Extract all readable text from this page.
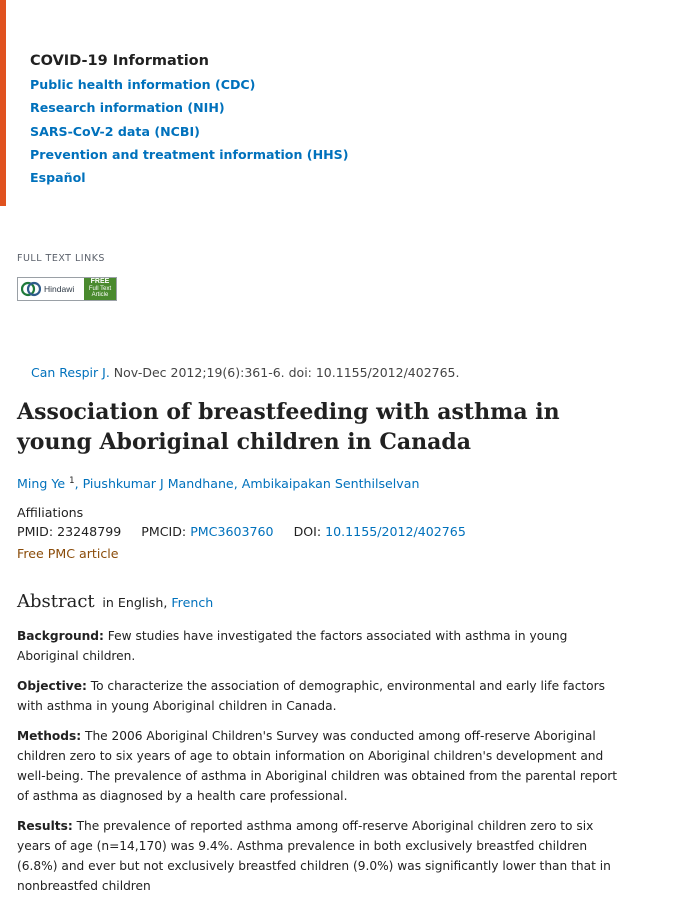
COVID-19 Information
Public health information (CDC)
Research information (NIH)
SARS-CoV-2 data (NCBI)
Prevention and treatment information (HHS)
Español
FULL TEXT LINKS
Hindawi
FREE
Full Text
Article
Can Respir J. Nov-Dec 2012;19(6):361-6. doi: 10.1155/2012/402765.
Association of breastfeeding with asthma in young Aboriginal children in Canada
Ming Ye $^1$, Piushkumar J Mandhane, Ambikaipakan Senthilselvan
Affiliations
PMID: 23248799 PMCID: PMC3603760 DOI: 10.1155/2012/402765
Free PMC article
Abstract in English, French

Background: Few studies have investigated the factors associated with asthma in young Aboriginal children.

Objective: To characterize the association of demographic, environmental and early life factors with asthma in young Aboriginal children in Canada.

Methods: The 2006 Aboriginal Children's Survey was conducted among off-reserve Aboriginal children zero to six years of age to obtain information on Aboriginal children's development and well-being. The prevalence of asthma in Aboriginal children was obtained from the parental report of asthma as diagnosed by a health care professional.

Results: The prevalence of reported asthma among off-reserve Aboriginal children zero to six years of age (n=14,170) was 9.4%. Asthma prevalence in both exclusively breastfed children (6.8%) and ever but not exclusively breastfed children (9.0%) was significantly lower than that in nonbreastfed children
